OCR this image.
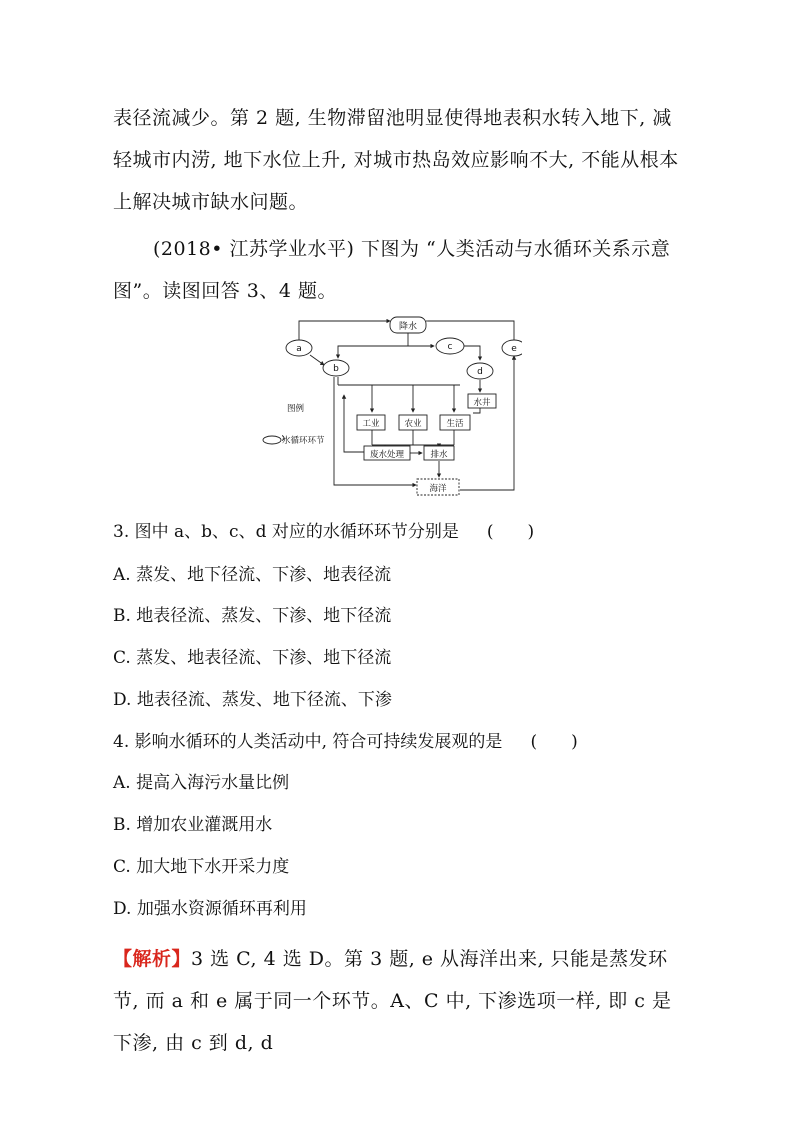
表径流减少。第 2 题, 生物滞留池明显使得地表积水转入地下, 减轻城市内涝, 地下水位上升, 对城市热岛效应影响不大, 不能从根本上解决城市缺水问题。

(2018• 江苏学业水平) 下图为 “人类活动与水循环关系示意图”。读图回答 3、4 题。

降水
a
b
c
d
e
水井
工业	农业	生活
废水处理	排水
海洋
图例
水循环环节

3. 图中 a、b、c、d 对应的水循环环节分别是 (　　)

A. 蒸发、地下径流、下渗、地表径流

B. 地表径流、蒸发、下渗、地下径流

C. 蒸发、地表径流、下渗、地下径流

D. 地表径流、蒸发、地下径流、下渗

4. 影响水循环的人类活动中, 符合可持续发展观的是 (　　)

A. 提高入海污水量比例

B. 增加农业灌溉用水

C. 加大地下水开采力度

D. 加强水资源循环再利用

【解析】3 选 C, 4 选 D。第 3 题, e 从海洋出来, 只能是蒸发环节, 而 a 和 e 属于同一个环节。A、C 中, 下渗选项一样, 即 c 是下渗, 由 c 到 d, d
